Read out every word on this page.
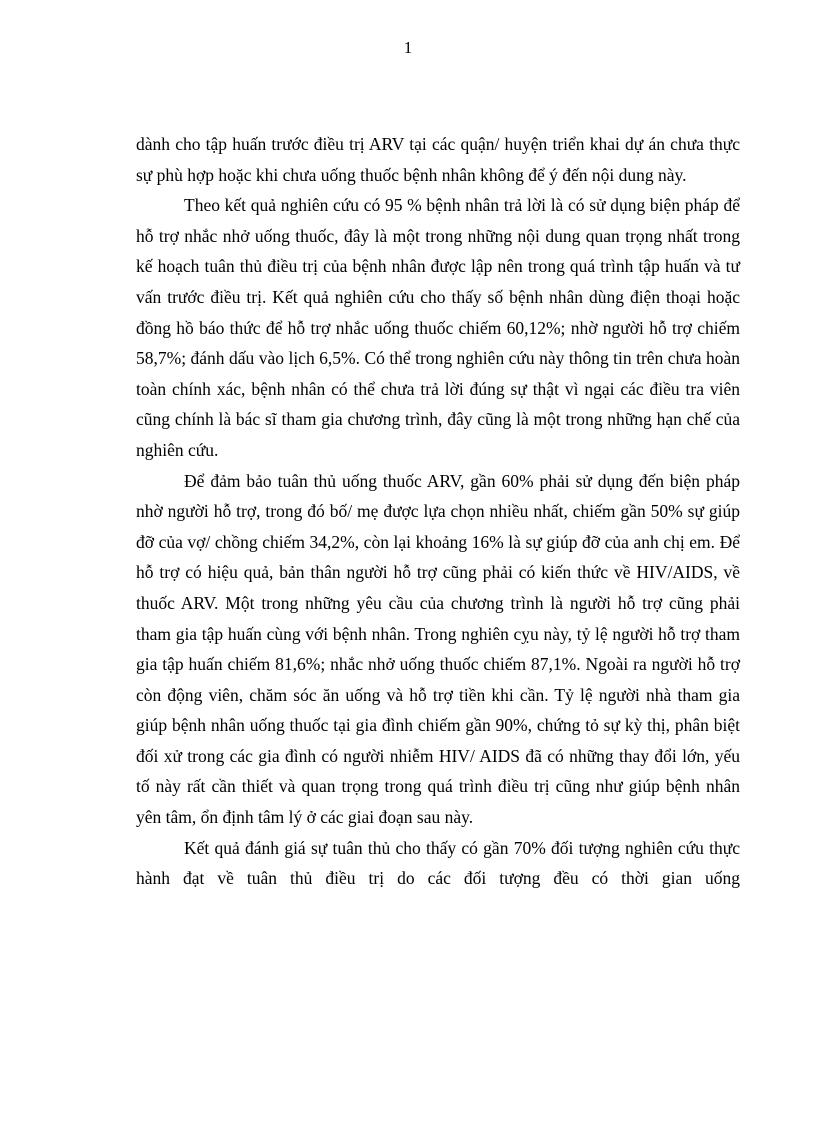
1

dành cho tập huấn trước điều trị ARV tại các quận/ huyện triển khai dự án chưa thực sự phù hợp hoặc khi chưa uống thuốc bệnh nhân không để ý đến nội dung này.

Theo kết quả nghiên cứu có 95 % bệnh nhân trả lời là có sử dụng biện pháp để hỗ trợ nhắc nhở uống thuốc, đây là một trong những nội dung quan trọng nhất trong kế hoạch tuân thủ điều trị của bệnh nhân được lập nên trong quá trình tập huấn và tư vấn trước điều trị. Kết quả nghiên cứu cho thấy số bệnh nhân dùng điện thoại hoặc đồng hồ báo thức để hỗ trợ nhắc uống thuốc chiếm 60,12%; nhờ người hỗ trợ chiếm 58,7%; đánh dấu vào lịch 6,5%. Có thể trong nghiên cứu này thông tin trên chưa hoàn toàn chính xác, bệnh nhân có thể chưa trả lời đúng sự thật vì ngại các điều tra viên cũng chính là bác sĩ tham gia chương trình, đây cũng là một trong những hạn chế của nghiên cứu.

Để đảm bảo tuân thủ uống thuốc ARV, gần 60% phải sử dụng đến biện pháp nhờ người hỗ trợ, trong đó bố/ mẹ được lựa chọn nhiều nhất, chiếm gần 50% sự giúp đỡ của vợ/ chồng chiếm 34,2%, còn lại khoảng 16% là sự giúp đỡ của anh chị em. Để hỗ trợ có hiệu quả, bản thân người hỗ trợ cũng phải có kiến thức về HIV/AIDS, về thuốc ARV. Một trong những yêu cầu của chương trình là người hỗ trợ cũng phải tham gia tập huấn cùng với bệnh nhân. Trong nghiên cỵu này, tỷ lệ người hỗ trợ tham gia tập huấn chiếm 81,6%; nhắc nhở uống thuốc chiếm 87,1%. Ngoài ra người hỗ trợ còn động viên, chăm sóc ăn uống và hỗ trợ tiền khi cần. Tỷ lệ người nhà tham gia giúp bệnh nhân uống thuốc tại gia đình chiếm gần 90%, chứng tỏ sự kỳ thị, phân biệt đối xử trong các gia đình có người nhiễm HIV/ AIDS đã có những thay đổi lớn, yếu tố này rất cần thiết và quan trọng trong quá trình điều trị cũng như giúp bệnh nhân yên tâm, ổn định tâm lý ở các giai đoạn sau này.

Kết quả đánh giá sự tuân thủ cho thấy có gần 70% đối tượng nghiên cứu thực hành đạt về tuân thủ điều trị do các đối tượng đều có thời gian uống
